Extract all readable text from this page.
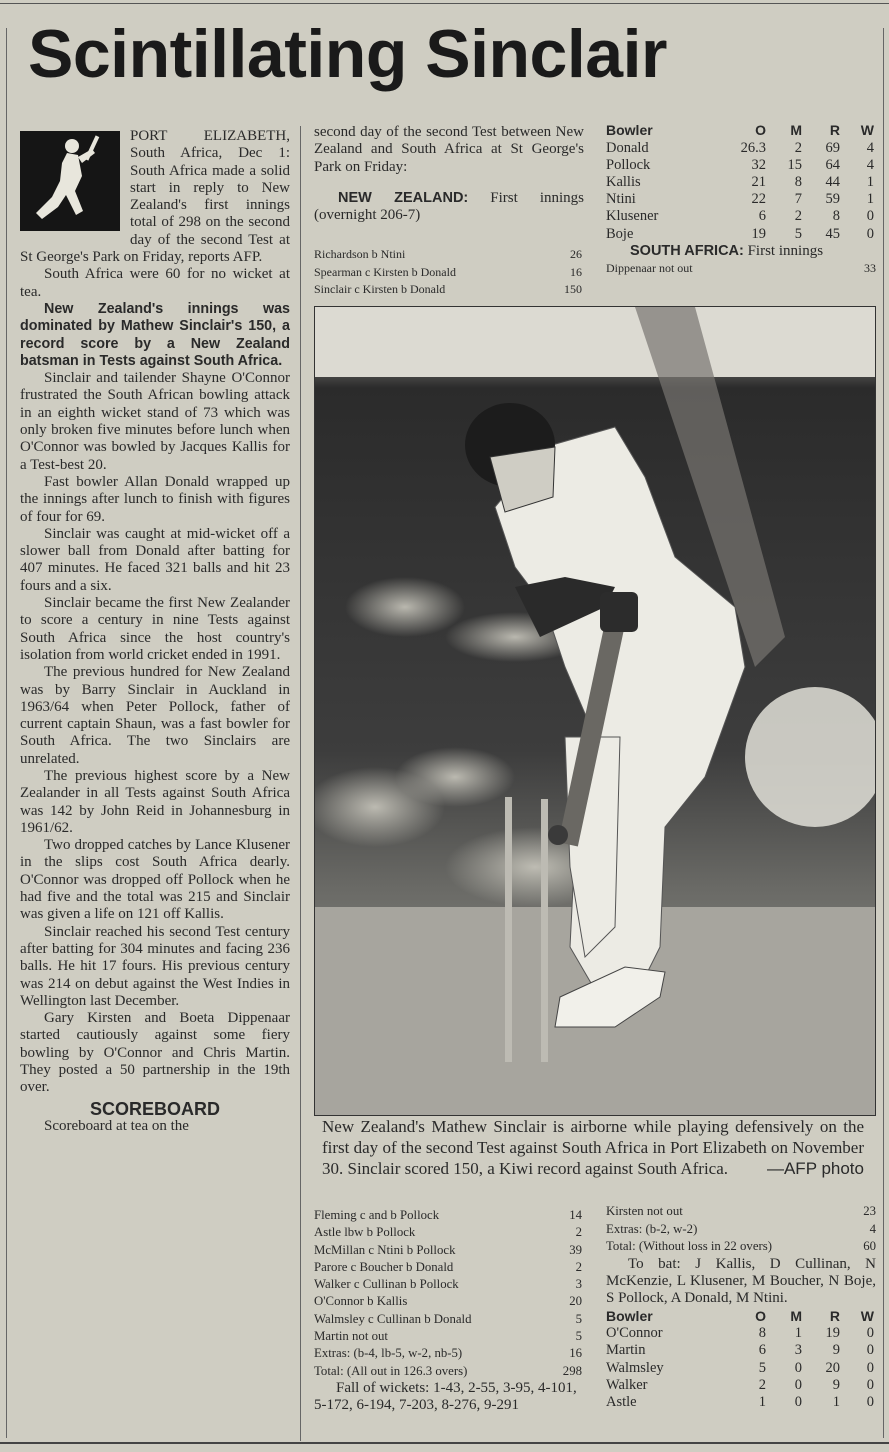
Scintillating Sinclair

PORT ELIZABETH, South Africa, Dec 1: South Africa made a solid start in reply to New Zealand's first innings total of 298 on the second day of the second Test at St George's Park on Friday, reports AFP.

South Africa were 60 for no wicket at tea.

New Zealand's innings was dominated by Mathew Sinclair's 150, a record score by a New Zealand batsman in Tests against South Africa.

Sinclair and tailender Shayne O'Connor frustrated the South African bowling attack in an eighth wicket stand of 73 which was only broken five minutes before lunch when O'Connor was bowled by Jacques Kallis for a Test-best 20.

Fast bowler Allan Donald wrapped up the innings after lunch to finish with figures of four for 69.

Sinclair was caught at mid-wicket off a slower ball from Donald after batting for 407 minutes. He faced 321 balls and hit 23 fours and a six.

Sinclair became the first New Zealander to score a century in nine Tests against South Africa since the host country's isolation from world cricket ended in 1991.

The previous hundred for New Zealand was by Barry Sinclair in Auckland in 1963/64 when Peter Pollock, father of current captain Shaun, was a fast bowler for South Africa. The two Sinclairs are unrelated.

The previous highest score by a New Zealander in all Tests against South Africa was 142 by John Reid in Johannesburg in 1961/62.

Two dropped catches by Lance Klusener in the slips cost South Africa dearly. O'Connor was dropped off Pollock when he had five and the total was 215 and Sinclair was given a life on 121 off Kallis.

Sinclair reached his second Test century after batting for 304 minutes and facing 236 balls. He hit 17 fours. His previous century was 214 on debut against the West Indies in Wellington last December.

Gary Kirsten and Boeta Dippenaar started cautiously against some fiery bowling by O'Connor and Chris Martin. They posted a 50 partnership in the 19th over.

SCOREBOARD

Scoreboard at tea on the

second day of the second Test between New Zealand and South Africa at St George's Park on Friday:

NEW ZEALAND: First innings (overnight 206-7)

Richardson b Ntini	26
Spearman c Kirsten b Donald	16
Sinclair c Kirsten b Donald	150
Bowler	O	M	R	W
Donald	26.3	2	69	4
Pollock	32	15	64	4
Kallis	21	8	44	1
Ntini	22	7	59	1
Klusener	6	2	8	0
Boje	19	5	45	0

SOUTH AFRICA: First innings

Dippenaar not out	33
New Zealand's Mathew Sinclair is airborne while playing defensively on the first day of the second Test against South Africa in Port Elizabeth on November 30. Sinclair scored 150, a Kiwi record against South Africa. —AFP photo
Fleming c and b Pollock	14
Astle lbw b Pollock	2
McMillan c Ntini b Pollock	39
Parore c Boucher b Donald	2
Walker c Cullinan b Pollock	3
O'Connor b Kallis	20
Walmsley c Cullinan b Donald	5
Martin not out	5
Extras: (b-4, lb-5, w-2, nb-5)	16
Total: (All out in 126.3 overs)	298

Fall of wickets: 1-43, 2-55, 3-95, 4-101, 5-172, 6-194, 7-203, 8-276, 9-291

Kirsten not out	23
Extras: (b-2, w-2)	4
Total: (Without loss in 22 overs)	60

To bat: J Kallis, D Cullinan, N McKenzie, L Klusener, M Boucher, N Boje, S Pollock, A Donald, M Ntini.

Bowler	O	M	R	W
O'Connor	8	1	19	0
Martin	6	3	9	0
Walmsley	5	0	20	0
Walker	2	0	9	0
Astle	1	0	1	0
